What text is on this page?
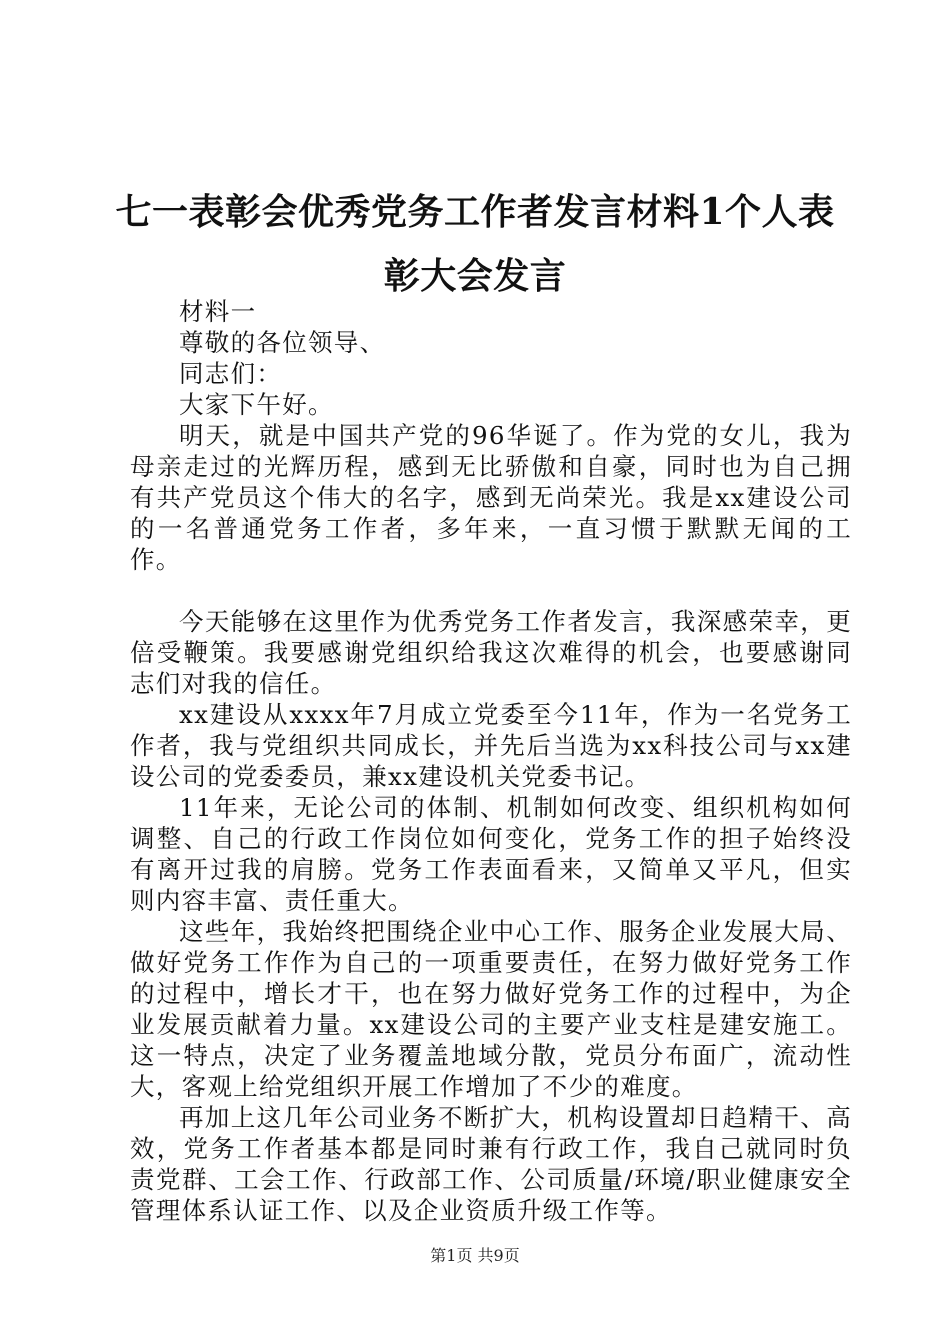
七一表彰会优秀党务工作者发言材料1个人表彰大会发言

材料一

尊敬的各位领导、

同志们：

大家下午好。

明天，就是中国共产党的96华诞了。作为党的女儿，我为母亲走过的光辉历程，感到无比骄傲和自豪，同时也为自己拥有共产党员这个伟大的名字，感到无尚荣光。我是xx建设公司的一名普通党务工作者，多年来，一直习惯于默默无闻的工作。

今天能够在这里作为优秀党务工作者发言，我深感荣幸，更倍受鞭策。我要感谢党组织给我这次难得的机会，也要感谢同志们对我的信任。

xx建设从xxxx年7月成立党委至今11年，作为一名党务工作者，我与党组织共同成长，并先后当选为xx科技公司与xx建设公司的党委委员，兼xx建设机关党委书记。

11年来，无论公司的体制、机制如何改变、组织机构如何调整、自己的行政工作岗位如何变化，党务工作的担子始终没有离开过我的肩膀。党务工作表面看来，又简单又平凡，但实则内容丰富、责任重大。

这些年，我始终把围绕企业中心工作、服务企业发展大局、做好党务工作作为自己的一项重要责任，在努力做好党务工作的过程中，增长才干，也在努力做好党务工作的过程中，为企业发展贡献着力量。xx建设公司的主要产业支柱是建安施工。这一特点，决定了业务覆盖地域分散，党员分布面广，流动性大，客观上给党组织开展工作增加了不少的难度。

再加上这几年公司业务不断扩大，机构设置却日趋精干、高效，党务工作者基本都是同时兼有行政工作，我自己就同时负责党群、工会工作、行政部工作、公司质量/环境/职业健康安全管理体系认证工作、以及企业资质升级工作等。

第1页 共9页
